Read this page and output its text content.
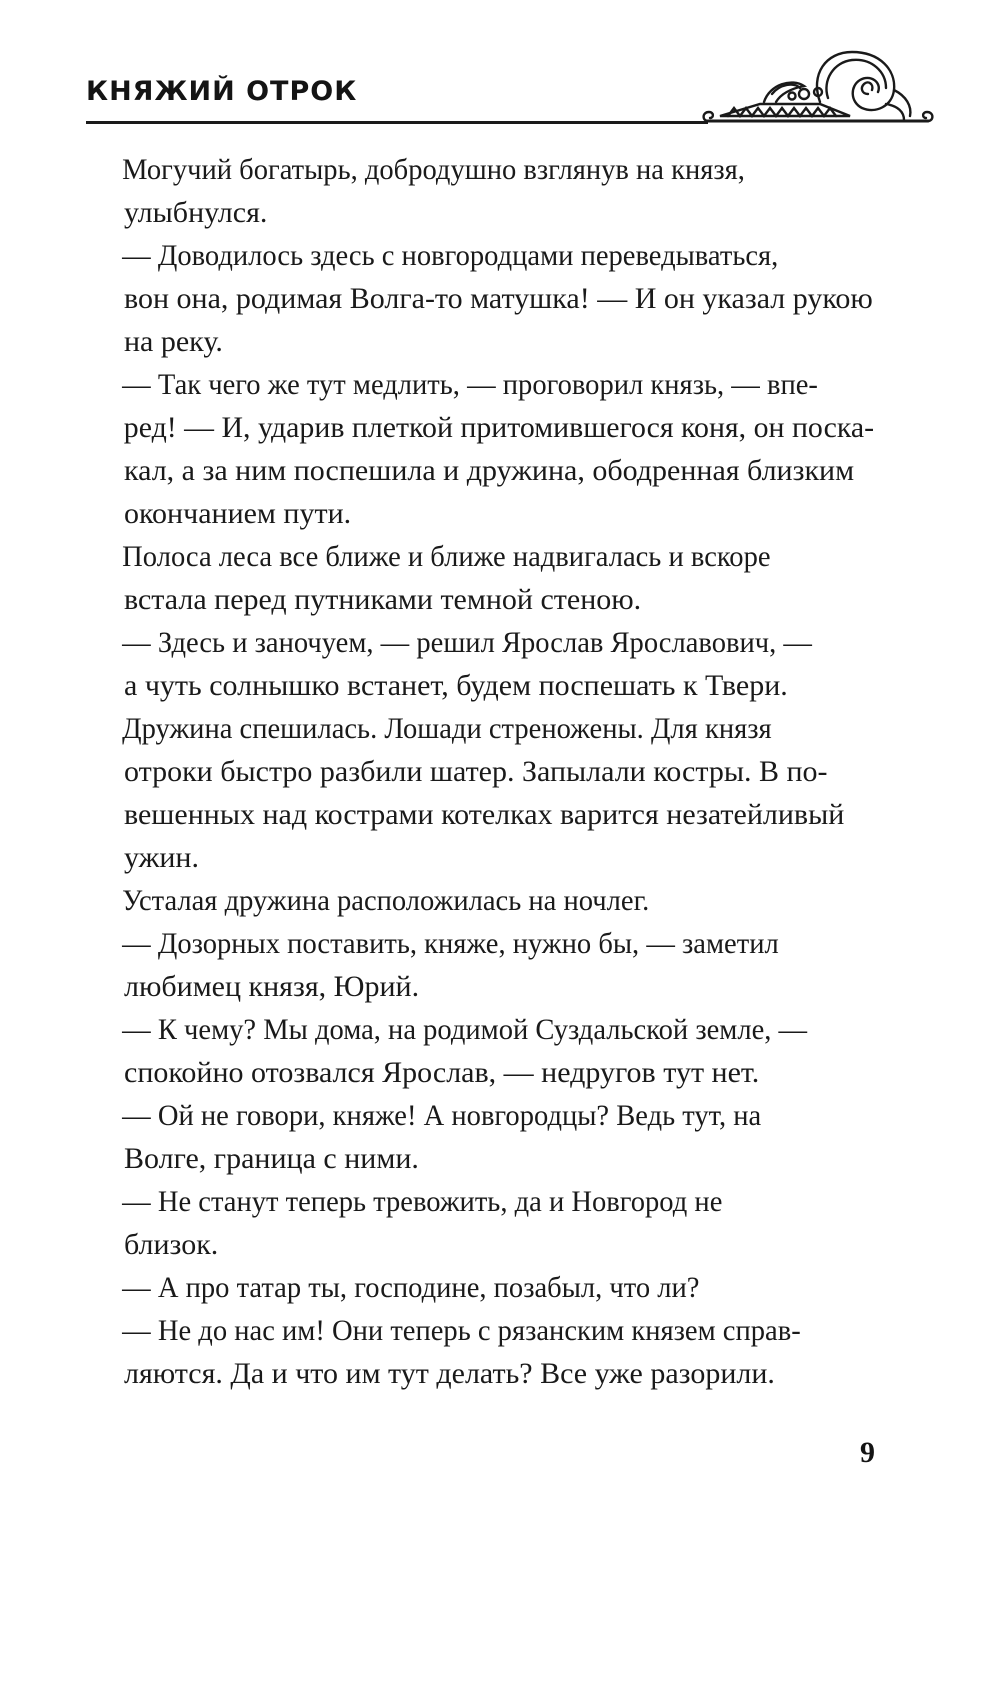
КНЯЖИЙ ОТРОК

Могучий богатырь, добродушно взглянув на князя,
улыбнулся.

— Доводилось здесь с новгородцами переведываться,
вон она, родимая Волга-то матушка! — И он указал рукою
на реку.

— Так чего же тут медлить, — проговорил князь, — впе-
ред! — И, ударив плеткой притомившегося коня, он поска-
кал, а за ним поспешила и дружина, ободренная близким
окончанием пути.

Полоса леса все ближе и ближе надвигалась и вскоре
встала перед путниками темной стеною.

— Здесь и заночуем, — решил Ярослав Ярославович, —
а чуть солнышко встанет, будем поспешать к Твери.

Дружина спешилась. Лошади стреножены. Для князя
отроки быстро разбили шатер. Запылали костры. В по-
вешенных над кострами котелках варится незатейливый
ужин.

Усталая дружина расположилась на ночлег.

— Дозорных поставить, княже, нужно бы, — заметил
любимец князя, Юрий.

— К чему? Мы дома, на родимой Суздальской земле, —
спокойно отозвался Ярослав, — недругов тут нет.

— Ой не говори, княже! А новгородцы? Ведь тут, на
Волге, граница с ними.

— Не станут теперь тревожить, да и Новгород не
близок.

— А про татар ты, господине, позабыл, что ли?

— Не до нас им! Они теперь с рязанским князем справ-
ляются. Да и что им тут делать? Все уже разорили.

9
